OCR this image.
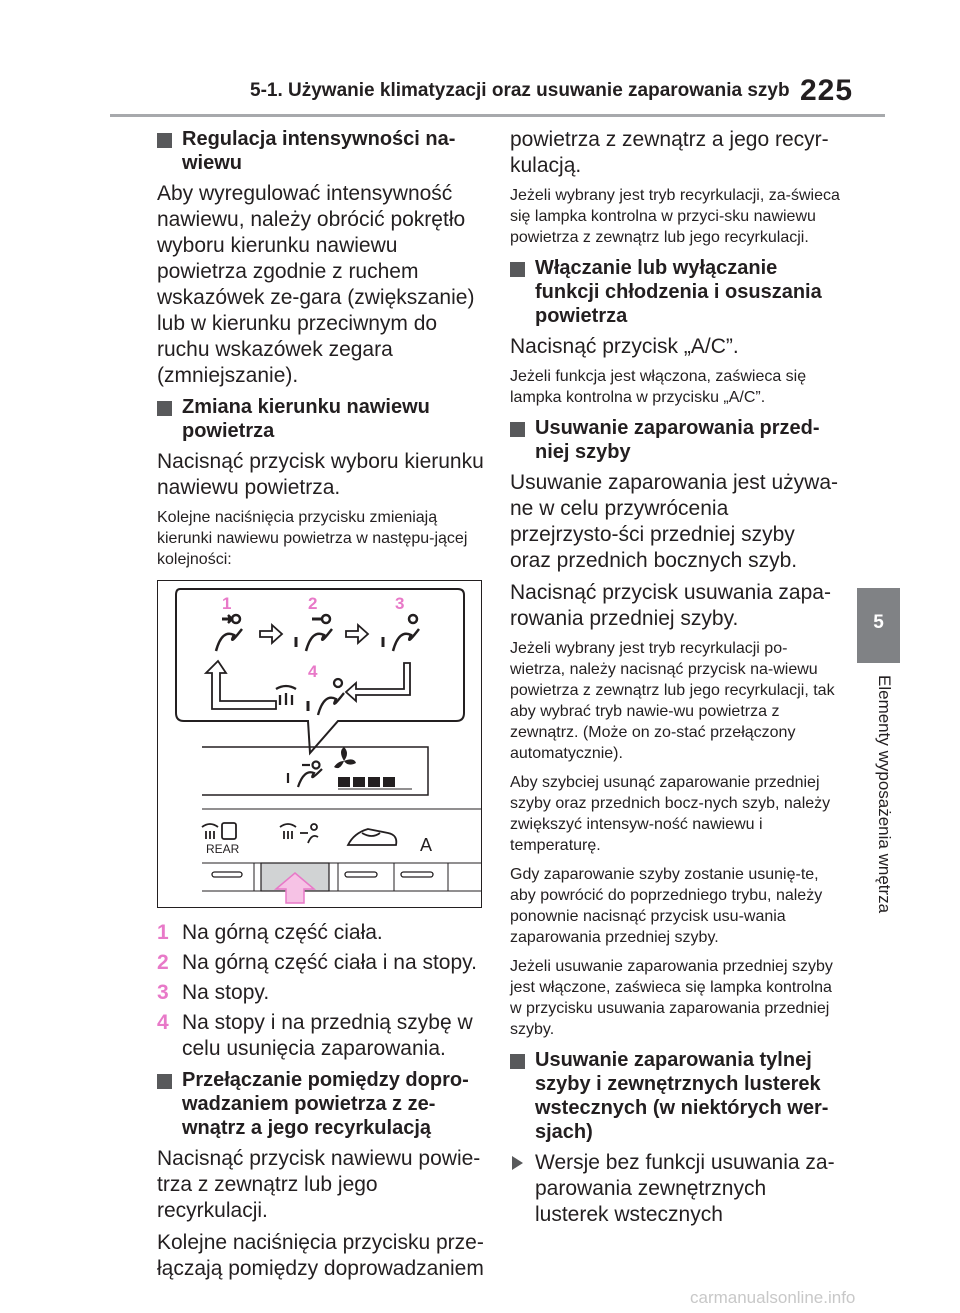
5-1. Używanie klimatyzacji oraz usuwanie zaparowania szyb 225
5
Elementy wyposażenia wnętrza
Regulacja intensywności na-wiewu
Aby wyregulować intensywność nawiewu, należy obrócić pokrętło wyboru kierunku nawiewu powietrza zgodnie z ruchem wskazówek ze-gara (zwiększanie) lub w kierunku przeciwnym do ruchu wskazówek zegara (zmniejszanie).
Zmiana kierunku nawiewu powietrza
Nacisnąć przycisk wyboru kierunku nawiewu powietrza.
Kolejne naciśnięcia przycisku zmieniają kierunki nawiewu powietrza w następu-jącej kolejności:
1	2	3
4
REAR	A
1 Na górną część ciała.
2 Na górną część ciała i na stopy.
3 Na stopy.
4 Na stopy i na przednią szybę w celu usunięcia zaparowania.
Przełączanie pomiędzy dopro-wadzaniem powietrza z ze-wnątrz a jego recyrkulacją
Nacisnąć przycisk nawiewu powie-trza z zewnątrz lub jego recyrkulacji.
Kolejne naciśnięcia przycisku prze-łączają pomiędzy doprowadzaniem
powietrza z zewnątrz a jego recyr-kulacją.
Jeżeli wybrany jest tryb recyrkulacji, za-świeca się lampka kontrolna w przyci-sku nawiewu powietrza z zewnątrz lub jego recyrkulacji.
Włączanie lub wyłączanie funkcji chłodzenia i osuszania powietrza
Nacisnąć przycisk „A/C”.
Jeżeli funkcja jest włączona, zaświeca się lampka kontrolna w przycisku „A/C”.
Usuwanie zaparowania przed-niej szyby
Usuwanie zaparowania jest używa-ne w celu przywrócenia przejrzysto-ści przedniej szyby oraz przednich bocznych szyb.
Nacisnąć przycisk usuwania zapa-rowania przedniej szyby.
Jeżeli wybrany jest tryb recyrkulacji po-wietrza, należy nacisnąć przycisk na-wiewu powietrza z zewnątrz lub jego recyrkulacji, tak aby wybrać tryb nawie-wu powietrza z zewnątrz. (Może on zo-stać przełączony automatycznie).
Aby szybciej usunąć zaparowanie przedniej szyby oraz przednich bocz-nych szyb, należy zwiększyć intensyw-ność nawiewu i temperaturę.
Gdy zaparowanie szyby zostanie usunię-te, aby powrócić do poprzedniego trybu, należy ponownie nacisnąć przycisk usu-wania zaparowania przedniej szyby.
Jeżeli usuwanie zaparowania przedniej szyby jest włączone, zaświeca się lampka kontrolna w przycisku usuwania zaparowania przedniej szyby.
Usuwanie zaparowania tylnej szyby i zewnętrznych lusterek wstecznych (w niektórych wer-sjach)
Wersje bez funkcji usuwania za-parowania zewnętrznych lusterek wstecznych
carmanualsonline.info
